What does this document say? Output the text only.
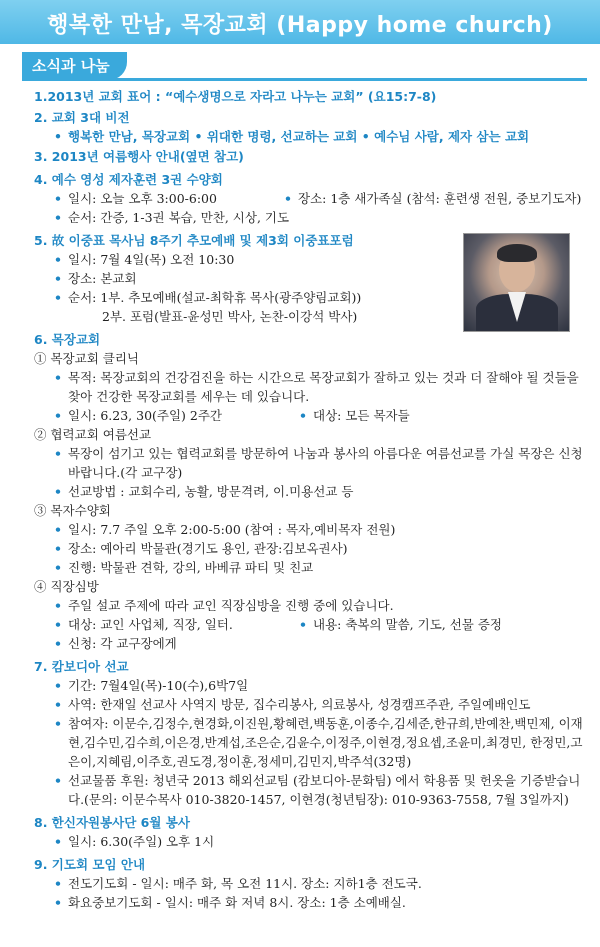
행복한 만남, 목장교회 (Happy home church)
소식과 나눔

1.2013년 교회 표어 : “예수생명으로 자라고 나누는 교회” (요15:7-8)

2. 교회 3대 비전

• 행복한 만남, 목장교회 • 위대한 명령, 선교하는 교회 • 예수님 사람, 제자 삼는 교회

3. 2013년 여름행사 안내(옆면 참고)

4. 예수 영성 제자훈련 3권 수양회

• 일시: 오늘 오후 3:00-6:00	• 장소: 1층 새가족실 (참석: 훈련생 전원, 중보기도자)

• 순서: 간증, 1-3권 복습, 만찬, 시상, 기도

5. 故 이중표 목사님 8주기 추모예배 및 제3회 이중표포럼

• 일시: 7월 4일(목) 오전 10:30

• 장소: 본교회

• 순서: 1부. 추모예배(설교-최학휴 목사(광주양림교회))

2부. 포럼(발표-윤성민 박사, 논찬-이강석 박사)

6. 목장교회

① 목장교회 클리닉

• 목적: 목장교회의 건강검진을 하는 시간으로 목장교회가 잘하고 있는 것과 더 잘해야 될 것들을 찾아 건강한 목장교회를 세우는 데 있습니다.

• 일시: 6.23, 30(주일) 2주간	• 대상: 모든 목자들

② 협력교회 여름선교

• 목장이 섬기고 있는 협력교회를 방문하여 나눔과 봉사의 아름다운 여름선교를 가실 목장은 신청 바랍니다.(각 교구장)

• 선교방법 : 교회수리, 농활, 방문격려, 이.미용선교 등

③ 목자수양회

• 일시: 7.7 주일 오후 2:00-5:00 (참여 : 목자,예비목자 전원)

• 장소: 예아리 박물관(경기도 용인, 관장:김보옥권사)

• 진행: 박물관 견학, 강의, 바베큐 파티 및 친교

④ 직장심방

• 주일 설교 주제에 따라 교인 직장심방을 진행 중에 있습니다.

• 대상: 교인 사업체, 직장, 일터.	• 내용: 축복의 말씀, 기도, 선물 증정

• 신청: 각 교구장에게

7. 캄보디아 선교

• 기간: 7월4일(목)-10(수),6박7일

• 사역: 한재일 선교사 사역지 방문, 집수리봉사, 의료봉사, 성경캠프주관, 주일예배인도

• 참여자: 이문수,김정수,현경화,이진원,황혜련,백동훈,이종수,김세준,한규희,반예찬,백민제, 이재현,김수민,김수희,이은경,반계섭,조은순,김윤수,이정주,이현경,정요셉,조윤미,최경민, 한정민,고은이,지혜림,이주호,권도경,정이훈,정세미,김민지,박주석(32명)

• 선교물품 후원: 청년국 2013 해외선교팀 (캄보디아-문화팀) 에서 학용품 및 헌옷을 기증받습니다.(문의: 이문수목사 010-3820-1457, 이현경(청년팀장): 010-9363-7558, 7월 3일까지)

8. 한신자원봉사단 6월 봉사

• 일시: 6.30(주일) 오후 1시

9. 기도회 모임 안내

• 전도기도회 - 일시: 매주 화, 목 오전 11시. 장소: 지하1층 전도국.

• 화요중보기도회 - 일시: 매주 화 저녁 8시. 장소: 1층 소예배실.
